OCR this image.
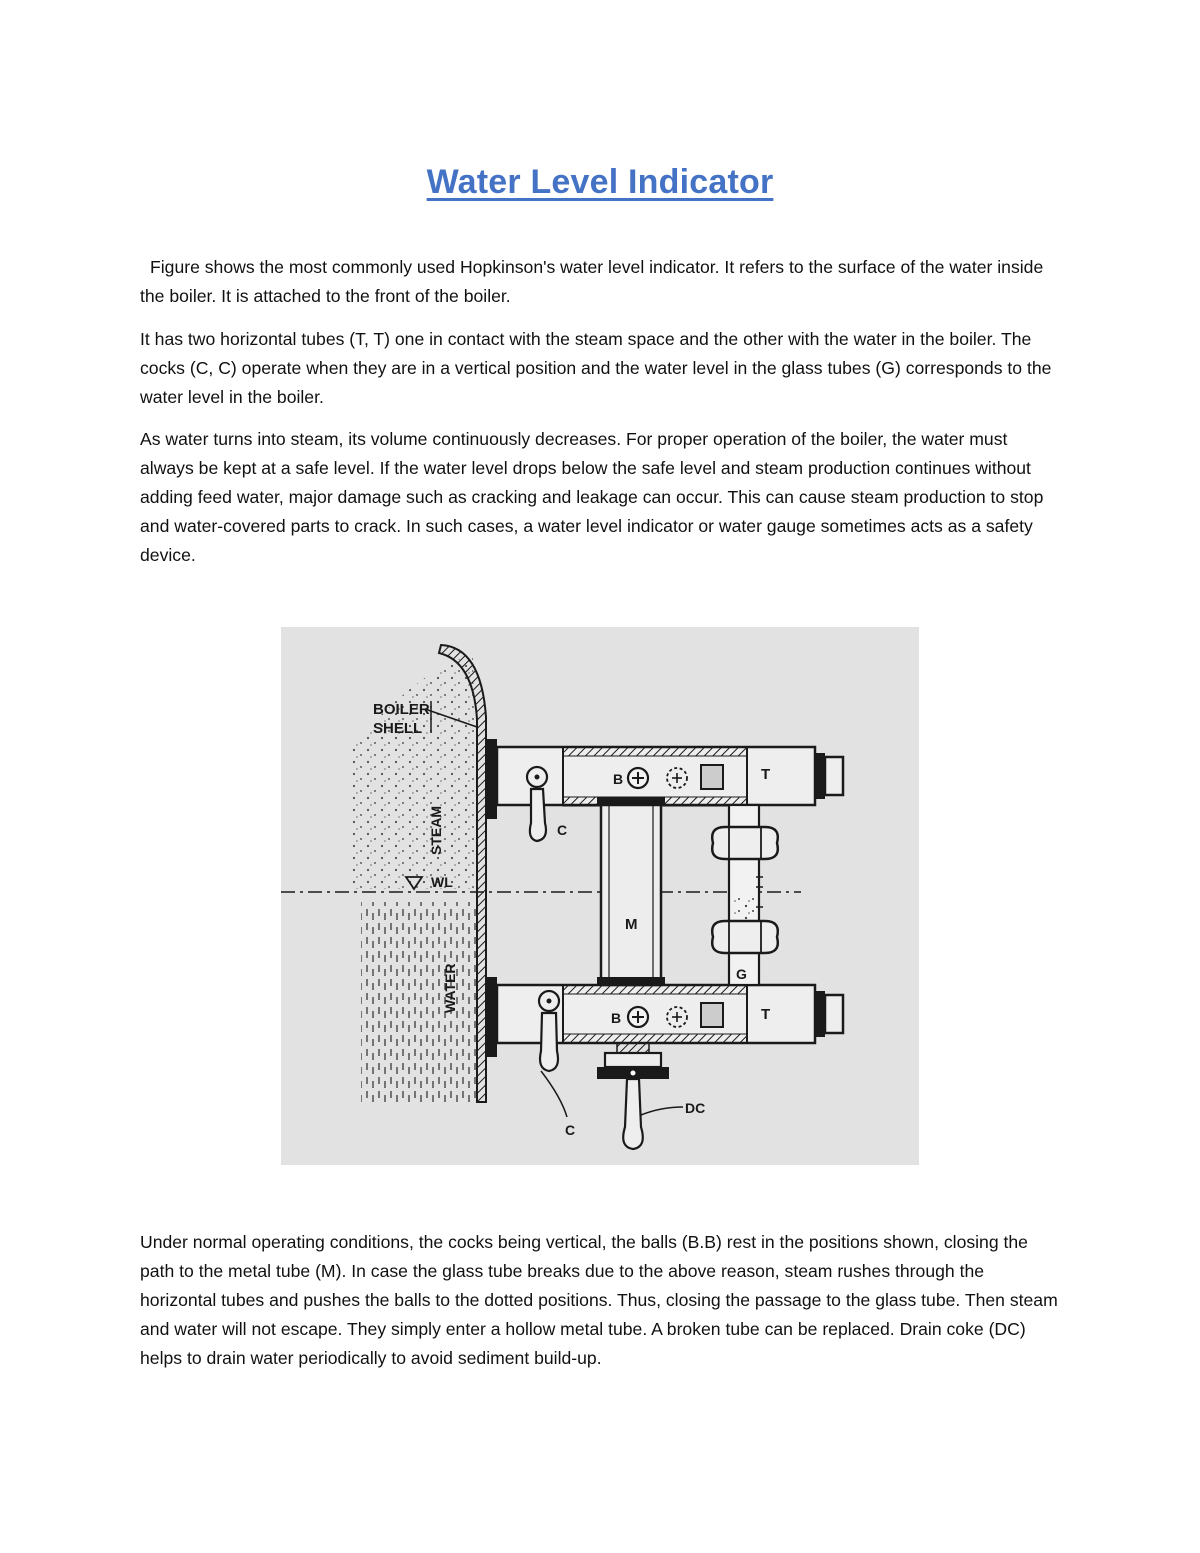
Water Level Indicator

Figure shows the most commonly used Hopkinson's water level indicator. It refers to the surface of the water inside the boiler. It is attached to the front of the boiler.

It has two horizontal tubes (T, T) one in contact with the steam space and the other with the water in the boiler. The cocks (C, C) operate when they are in a vertical position and the water level in the glass tubes (G) corresponds to the water level in the boiler.

As water turns into steam, its volume continuously decreases. For proper operation of the boiler, the water must always be kept at a safe level. If the water level drops below the safe level and steam production continues without adding feed water, major damage such as cracking and leakage can occur. This can cause steam production to stop and water-covered parts to crack. In such cases, a water level indicator or water gauge sometimes acts as a safety device.

BOILER
SHELL
STEAM
WATER
WL
B
B
T
T
C
C
M
G
DC

Under normal operating conditions, the cocks being vertical, the balls (B.B) rest in the positions shown, closing the path to the metal tube (M). In case the glass tube breaks due to the above reason, steam rushes through the horizontal tubes and pushes the balls to the dotted positions. Thus, closing the passage to the glass tube. Then steam and water will not escape. They simply enter a hollow metal tube. A broken tube can be replaced. Drain coke (DC) helps to drain water periodically to avoid sediment build-up.
